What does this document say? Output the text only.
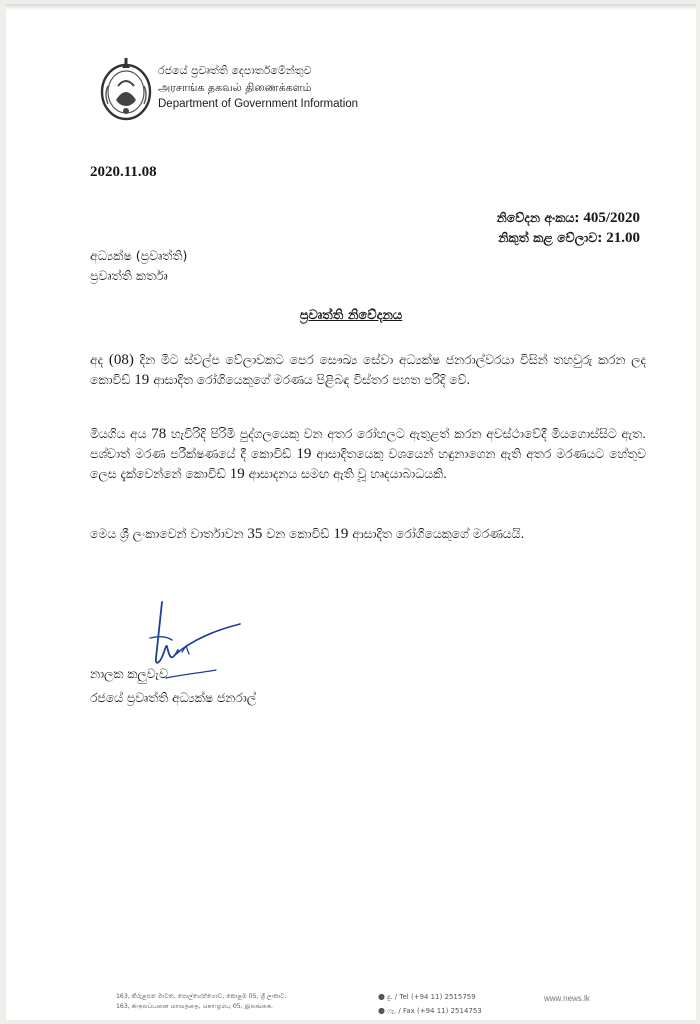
රජයේ ප්‍රවෘත්ති දෙපාර්තමේන්තුව
அரசாங்க தகவல் திணைக்களம்
Department of Government Information
2020.11.08
නිවේදන අංකය: 405/2020
නිකුත් කළ වේලාව: 21.00
අධ්‍යක්ෂ (ප්‍රවෘත්ති)
ප්‍රවෘත්ති කර්තෘ
ප්‍රවෘත්ති නිවේදනය
අද (08) දින මීට ස්වල්ප වේලාවකට පෙර සෞඛ්‍ය සේවා අධ්‍යක්ෂ ජනරාල්වරයා විසින් තහවුරු කරන ලද කොවිඩ් 19 ආසාදිත රෝගියෙකුගේ මරණය පිළිබඳ විස්තර පහත පරිදි වේ.
මියගිය අය 78 හැවිරිදි පිරිමි පුද්ගලයෙකු වන අතර රෝහලට ඇතුළත් කරන අවස්ථාවේදී මියගොස්සිට ඇත. පශ්චාත් මරණ පරීක්ෂණයේ දී කොවිඩ් 19 ආසාදිතයෙකු වශයෙන් හඳුනාගෙන ඇති අතර මරණයට හේතුව ලෙස දැක්වෙන්නේ කොවිඩ් 19 ආසාදනය සමඟ ඇති වූ හෘදයාබාධයකි.
මෙය ශ්‍රී ලංකාවෙන් වාර්තාවන 35 වන කොවිඩ් 19 ආසාදිත රෝගියෙකුගේ මරණයයි.
නාලක කලුවැව
රජයේ ප්‍රවෘත්ති අධ්‍යක්ෂ ජනරාල්
163, කිරුළපන මාවත, පොල්හේන්ගොඩ, කොළඹ 05, ශ්‍රී ලංකාව.
163, கிருலப்பனை மாவத்தை, கொழும்பு 05, இலங்கை.
● දු. / Tel (+94 11) 2515759
● ෆැ. / Fax (+94 11) 2514753
www.news.lk
